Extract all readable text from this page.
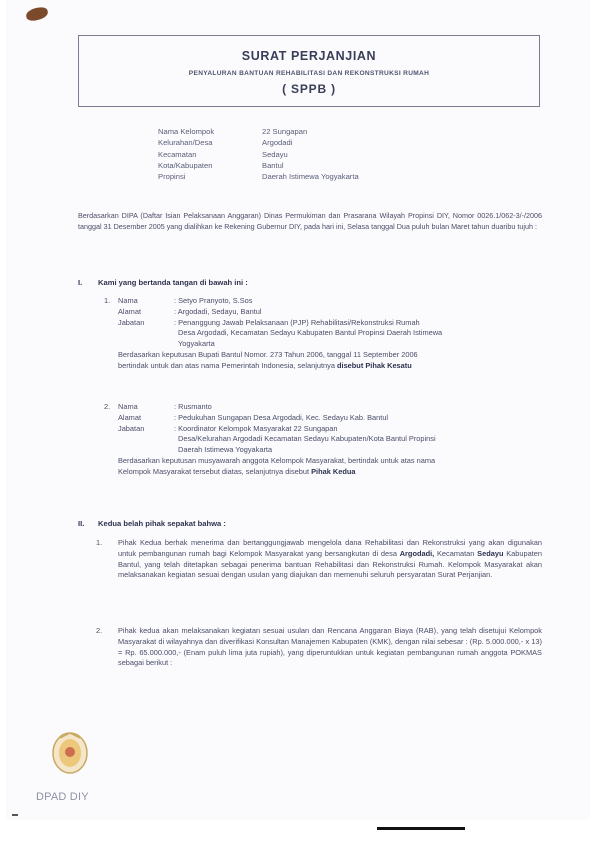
SURAT PERJANJIAN
PENYALURAN BANTUAN REHABILITASI DAN REKONSTRUKSI RUMAH
( SPPB )
Nama Kelompok	22 Sungapan
Kelurahan/Desa	Argodadi
Kecamatan	Sedayu
Kota/Kabupaten	Bantul
Propinsi	Daerah Istimewa Yogyakarta
Berdasarkan DIPA (Daftar Isian Pelaksanaan Anggaran) Dinas Permukiman dan Prasarana Wilayah Propinsi DIY, Nomor 0026.1/062-3/-/2006 tanggal 31 Desember 2005 yang dialihkan ke Rekening Gubernur DIY, pada hari ini, Selasa tanggal Dua puluh bulan Maret tahun duaribu tujuh :
I. Kami yang bertanda tangan di bawah ini :
1.	Nama	: Setyo Pranyoto, S.Sos
Alamat	: Argodadi, Sedayu, Bantul
Jabatan	: Penanggung Jawab Pelaksanaan (PJP) Rehabilitasi/Rekonstruksi Rumah
Desa Argodadi, Kecamatan Sedayu Kabupaten Bantul Propinsi Daerah Istimewa
Yogyakarta
Berdasarkan keputusan Bupati Bantul Nomor. 273 Tahun 2006, tanggal 11 September 2006
bertindak untuk dan atas nama Pemerintah Indonesia, selanjutnya disebut Pihak Kesatu
2.	Nama	: Rusmanto
Alamat	: Pedukuhan Sungapan Desa Argodadi, Kec. Sedayu Kab. Bantul
Jabatan	: Koordinator Kelompok Masyarakat 22 Sungapan
Desa/Kelurahan Argodadi Kecamatan Sedayu Kabupaten/Kota Bantul Propinsi
Daerah Istimewa Yogyakarta
Berdasarkan keputusan musyawarah anggota Kelompok Masyarakat, bertindak untuk atas nama
Kelompok Masyarakat tersebut diatas, selanjutnya disebut Pihak Kedua
II. Kedua belah pihak sepakat bahwa :
1.	Pihak Kedua berhak menerima dan bertanggungjawab mengelola dana Rehabilitasi dan Rekonstruksi yang akan digunakan untuk pembangunan rumah bagi Kelompok Masyarakat yang bersangkutan di desa Argodadi, Kecamatan Sedayu Kabupaten Bantul, yang telah ditetapkan sebagai penerima bantuan Rehabilitasi dan Rekonstruksi Rumah. Kelompok Masyarakat akan melaksanakan kegiatan sesuai dengan usulan yang diajukan dan memenuhi seluruh persyaratan Surat Perjanjian.
2.	Pihak kedua akan melaksanakan kegiatan sesuai usulan dan Rencana Anggaran Biaya (RAB), yang telah disetujui Kelompok Masyarakat di wilayahnya dan diverifikasi Konsultan Manajemen Kabupaten (KMK), dengan nilai sebesar : (Rp. 5.000.000,- x 13) = Rp. 65.000.000,- (Enam puluh lima juta rupiah), yang diperuntukkan untuk kegiatan pembangunan rumah anggota POKMAS sebagai berikut :
DPAD DIY
